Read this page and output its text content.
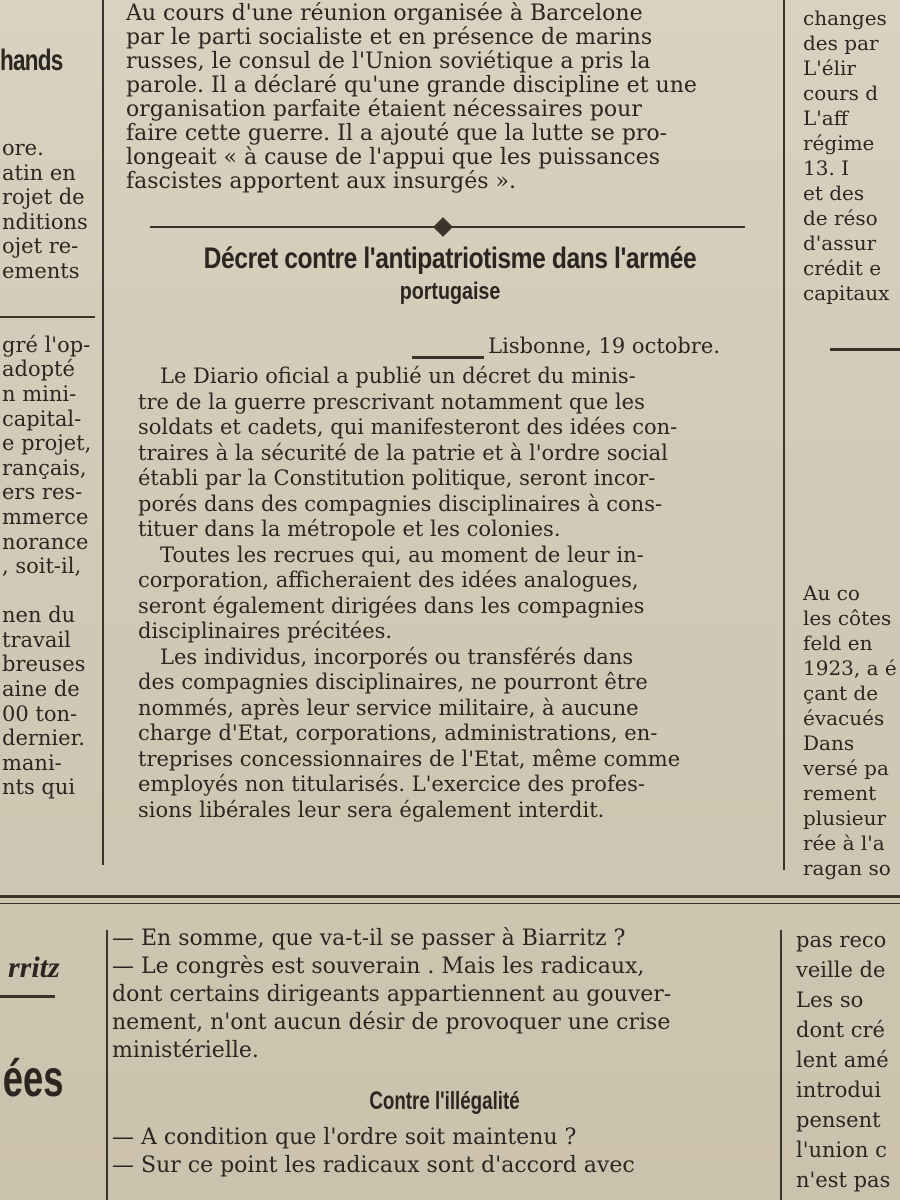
hands
ore.
atin en
rojet de
nditions
ojet re-
ements

gré l'op-
adopté
n mini-
capital-
e projet,
rançais,
ers res-
mmerce
norance
, soit-il,

nen du
travail
breuses
aine de
00 ton-
dernier.
mani-
nts qui
Au cours d'une réunion organisée à Barcelone
par le parti socialiste et en présence de marins
russes, le consul de l'Union soviétique a pris la
parole. Il a déclaré qu'une grande discipline et une
organisation parfaite étaient nécessaires pour
faire cette guerre. Il a ajouté que la lutte se pro-
longeait « à cause de l'appui que les puissances
fascistes apportent aux insurgés ».
Décret contre l'antipatriotisme dans l'armée
portugaise
Lisbonne, 19 octobre.
Le Diario oficial a publié un décret du minis-
tre de la guerre prescrivant notamment que les
soldats et cadets, qui manifesteront des idées con-
traires à la sécurité de la patrie et à l'ordre social
établi par la Constitution politique, seront incor-
porés dans des compagnies disciplinaires à cons-
tituer dans la métropole et les colonies.
Toutes les recrues qui, au moment de leur in-
corporation, afficheraient des idées analogues,
seront également dirigées dans les compagnies
disciplinaires précitées.
Les individus, incorporés ou transférés dans
des compagnies disciplinaires, ne pourront être
nommés, après leur service militaire, à aucune
charge d'Etat, corporations, administrations, en-
treprises concessionnaires de l'Etat, même comme
employés non titularisés. L'exercice des profes-
sions libérales leur sera également interdit.
changes
des par
L'élir
cours d
L'aff
régime
13. I
et des
de réso
d'assur
crédit e
capitaux

Au co
les côtes
feld en
1923, a é
çant de
évacués
Dans
versé pa
rement
plusieur
rée à l'a
ragan so
rritz
ées
— En somme, que va-t-il se passer à Biarritz ?
— Le congrès est souverain . Mais les radicaux,
dont certains dirigeants appartiennent au gouver-
nement, n'ont aucun désir de provoquer une crise
ministérielle.
Contre l'illégalité
— A condition que l'ordre soit maintenu ?
— Sur ce point les radicaux sont d'accord avec
pas reco
veille de
Les so
dont cré
lent amé
introdui
pensent
l'union c
n'est pas
